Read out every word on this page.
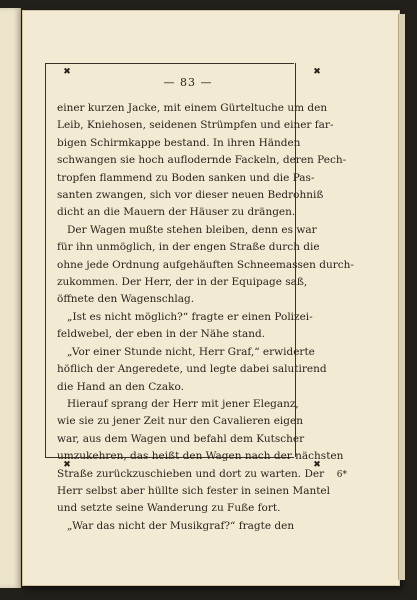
✖	✖
✖	✖
— 83 —
einer kurzen Jacke, mit einem Gürteltuche um den
Leib, Kniehosen, seidenen Strümpfen und einer far-
bigen Schirmkappe bestand. In ihren Händen
schwangen sie hoch auflodernde Fackeln, deren Pech-
tropfen flammend zu Boden sanken und die Pas-
santen zwangen, sich vor dieser neuen Bedrohniß
dicht an die Mauern der Häuser zu drängen.
Der Wagen mußte stehen bleiben, denn es war
für ihn unmöglich, in der engen Straße durch die
ohne jede Ordnung aufgehäuften Schneemassen durch-
zukommen. Der Herr, der in der Equipage saß,
öffnete den Wagenschlag.
„Ist es nicht möglich?“ fragte er einen Polizei-
feldwebel, der eben in der Nähe stand.
„Vor einer Stunde nicht, Herr Graf,“ erwiderte
höflich der Angeredete, und legte dabei salutirend
die Hand an den Czako.
Hierauf sprang der Herr mit jener Eleganz,
wie sie zu jener Zeit nur den Cavalieren eigen
war, aus dem Wagen und befahl dem Kutscher
umzukehren, das heißt den Wagen nach der nächsten
Straße zurückzuschieben und dort zu warten. Der
Herr selbst aber hüllte sich fester in seinen Mantel
und setzte seine Wanderung zu Fuße fort.
„War das nicht der Musikgraf?“ fragte den
6*
